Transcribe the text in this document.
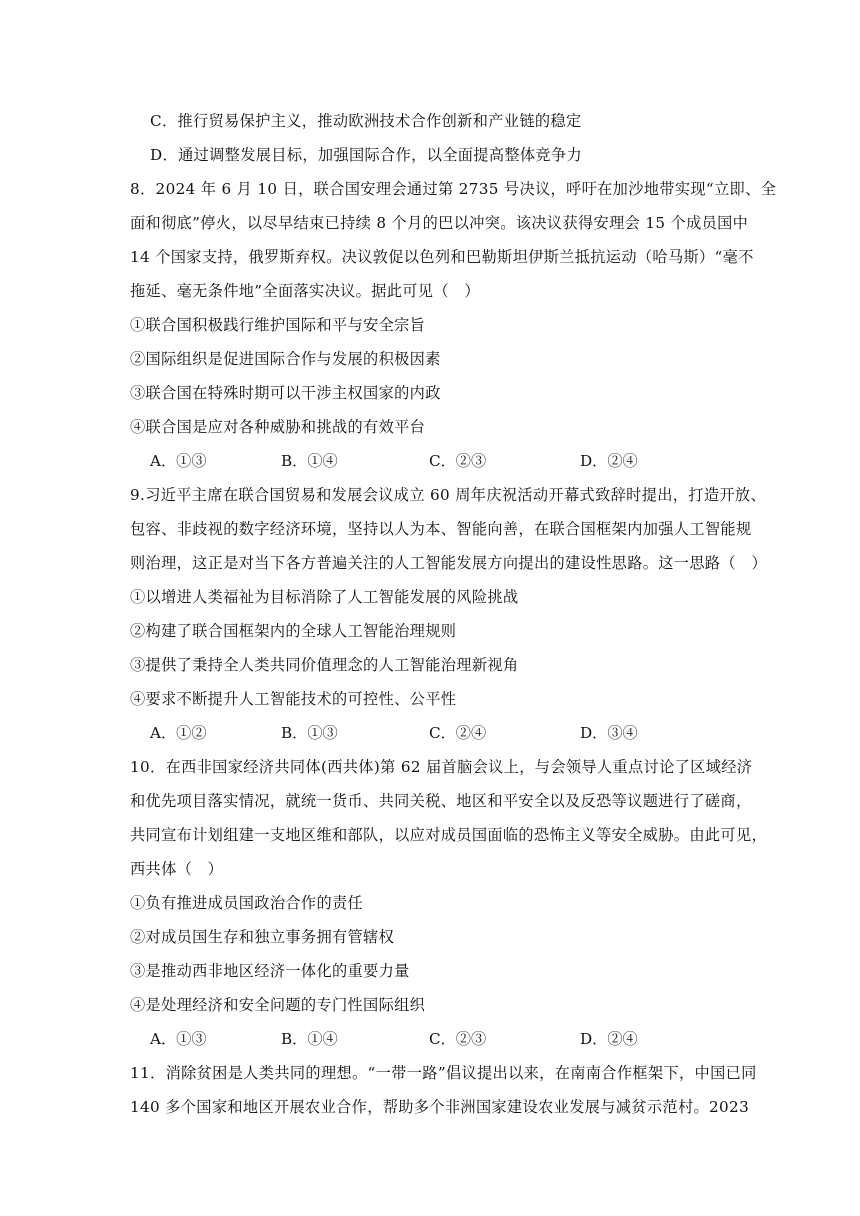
C．推行贸易保护主义，推动欧洲技术合作创新和产业链的稳定
D．通过调整发展目标，加强国际合作，以全面提高整体竞争力
8．2024 年 6 月 10 日，联合国安理会通过第 2735 号决议，呼吁在加沙地带实现“立即、全
面和彻底”停火，以尽早结束已持续 8 个月的巴以冲突。该决议获得安理会 15 个成员国中
14 个国家支持，俄罗斯弃权。决议敦促以色列和巴勒斯坦伊斯兰抵抗运动（哈马斯）“毫不
拖延、毫无条件地”全面落实决议。据此可见（　）
①联合国积极践行维护国际和平与安全宗旨
②国际组织是促进国际合作与发展的积极因素
③联合国在特殊时期可以干涉主权国家的内政
④联合国是应对各种威胁和挑战的有效平台
A．①③	B．①④	C．②③	D．②④
9.习近平主席在联合国贸易和发展会议成立 60 周年庆祝活动开幕式致辞时提出，打造开放、
包容、非歧视的数字经济环境，坚持以人为本、智能向善，在联合国框架内加强人工智能规
则治理，这正是对当下各方普遍关注的人工智能发展方向提出的建设性思路。这一思路（　）
①以增进人类福祉为目标消除了人工智能发展的风险挑战
②构建了联合国框架内的全球人工智能治理规则
③提供了秉持全人类共同价值理念的人工智能治理新视角
④要求不断提升人工智能技术的可控性、公平性
A．①②	B．①③	C．②④	D．③④
10．在西非国家经济共同体(西共体)第 62 届首脑会议上，与会领导人重点讨论了区域经济
和优先项目落实情况，就统一货币、共同关税、地区和平安全以及反恐等议题进行了磋商，
共同宣布计划组建一支地区维和部队，以应对成员国面临的恐怖主义等安全威胁。由此可见，
西共体（　）
①负有推进成员国政治合作的责任
②对成员国生存和独立事务拥有管辖权
③是推动西非地区经济一体化的重要力量
④是处理经济和安全问题的专门性国际组织
A．①③	B．①④	C．②③	D．②④
11．消除贫困是人类共同的理想。“一带一路”倡议提出以来，在南南合作框架下，中国已同
140 多个国家和地区开展农业合作，帮助多个非洲国家建设农业发展与减贫示范村。2023
